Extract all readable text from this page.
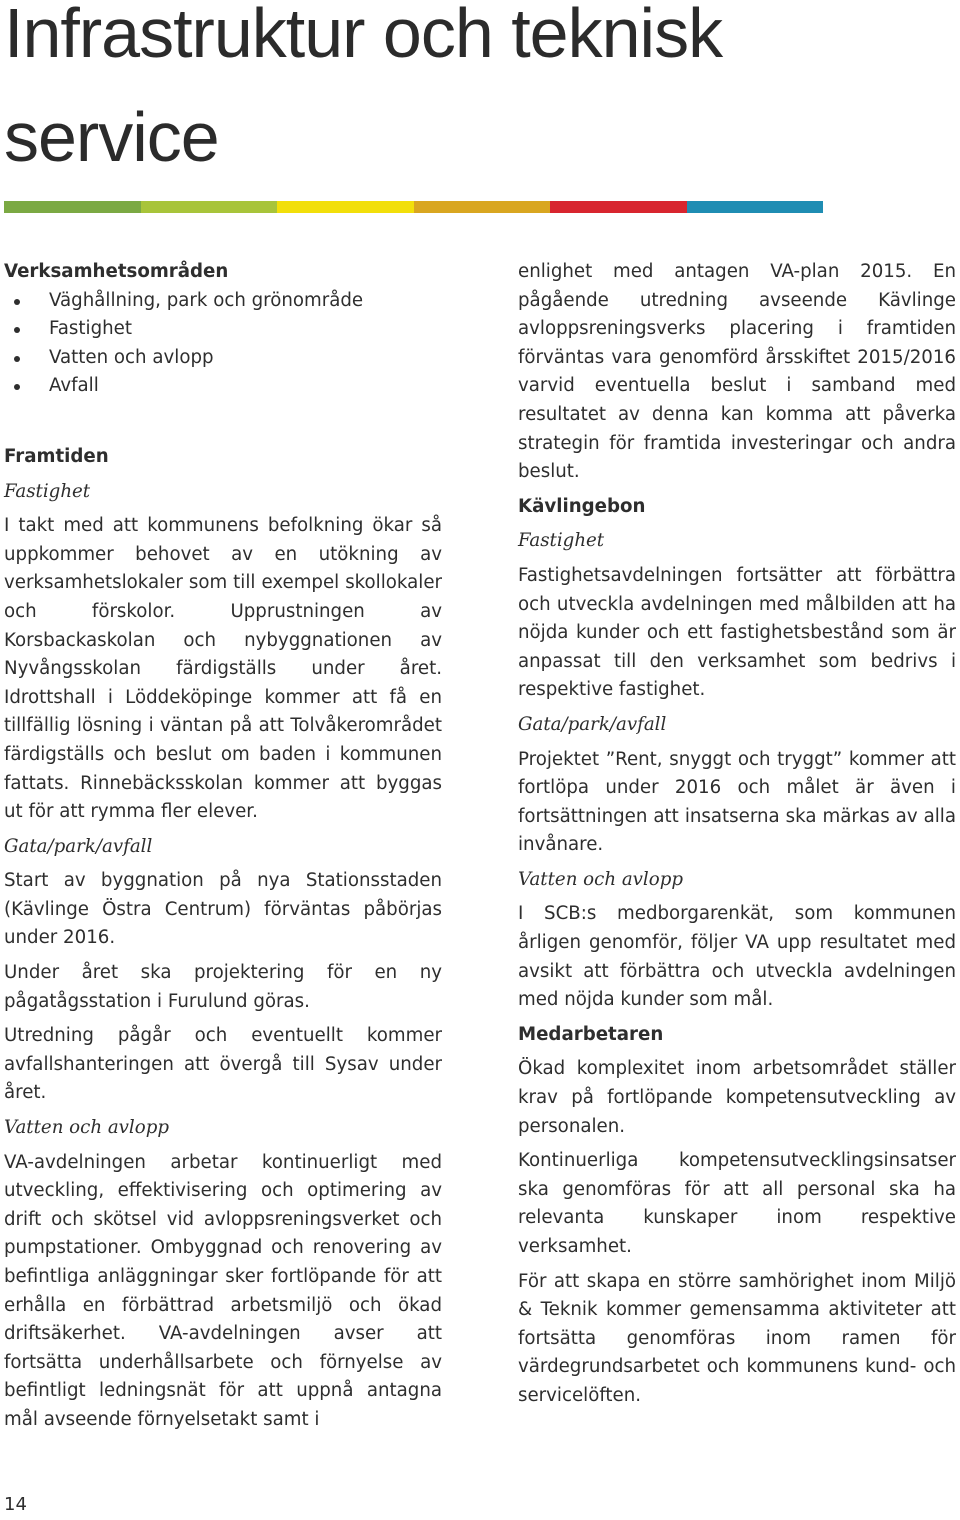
Infrastruktur och teknisk
service

Verksamhetsområden

Väghållning, park och grönområde
Fastighet
Vatten och avlopp
Avfall

Framtiden

Fastighet

I takt med att kommunens befolkning ökar så uppkommer behovet av en utökning av verksamhetslokaler som till exempel skollokaler och förskolor. Upprustningen av Korsbackaskolan och nybyggnationen av Nyvångsskolan färdigställs under året. Idrottshall i Löddeköpinge kommer att få en tillfällig lösning i väntan på att Tolvåkerområdet färdigställs och beslut om baden i kommunen fattats. Rinnebäcksskolan kommer att byggas ut för att rymma fler elever.

Gata/park/avfall

Start av byggnation på nya Stationsstaden (Kävlinge Östra Centrum) förväntas påbörjas under 2016.

Under året ska projektering för en ny pågatågsstation i Furulund göras.

Utredning pågår och eventuellt kommer avfallshanteringen att övergå till Sysav under året.

Vatten och avlopp

VA-avdelningen arbetar kontinuerligt med utveckling, effektivisering och optimering av drift och skötsel vid avloppsreningsverket och pumpstationer. Ombyggnad och renovering av befintliga anläggningar sker fortlöpande för att erhålla en förbättrad arbetsmiljö och ökad driftsäkerhet. VA-avdelningen avser att fortsätta underhållsarbete och förnyelse av befintligt ledningsnät för att uppnå antagna mål avseende förnyelsetakt samt i

enlighet med antagen VA-plan 2015. En pågående utredning avseende Kävlinge avloppsreningsverks placering i framtiden förväntas vara genomförd årsskiftet 2015/2016 varvid eventuella beslut i samband med resultatet av denna kan komma att påverka strategin för framtida investeringar och andra beslut.

Kävlingebon

Fastighet

Fastighetsavdelningen fortsätter att förbättra och utveckla avdelningen med målbilden att ha nöjda kunder och ett fastighetsbestånd som är anpassat till den verksamhet som bedrivs i respektive fastighet.

Gata/park/avfall

Projektet ”Rent, snyggt och tryggt” kommer att fortlöpa under 2016 och målet är även i fortsättningen att insatserna ska märkas av alla invånare.

Vatten och avlopp

I SCB:s medborgarenkät, som kommunen årligen genomför, följer VA upp resultatet med avsikt att förbättra och utveckla avdelningen med nöjda kunder som mål.

Medarbetaren

Ökad komplexitet inom arbetsområdet ställer krav på fortlöpande kompetensutveckling av personalen.

Kontinuerliga kompetensutvecklingsinsatser ska genomföras för att all personal ska ha relevanta kunskaper inom respektive verksamhet.

För att skapa en större samhörighet inom Miljö & Teknik kommer gemensamma aktiviteter att fortsätta genomföras inom ramen för värdegrundsarbetet och kommunens kund- och servicelöften.

14
